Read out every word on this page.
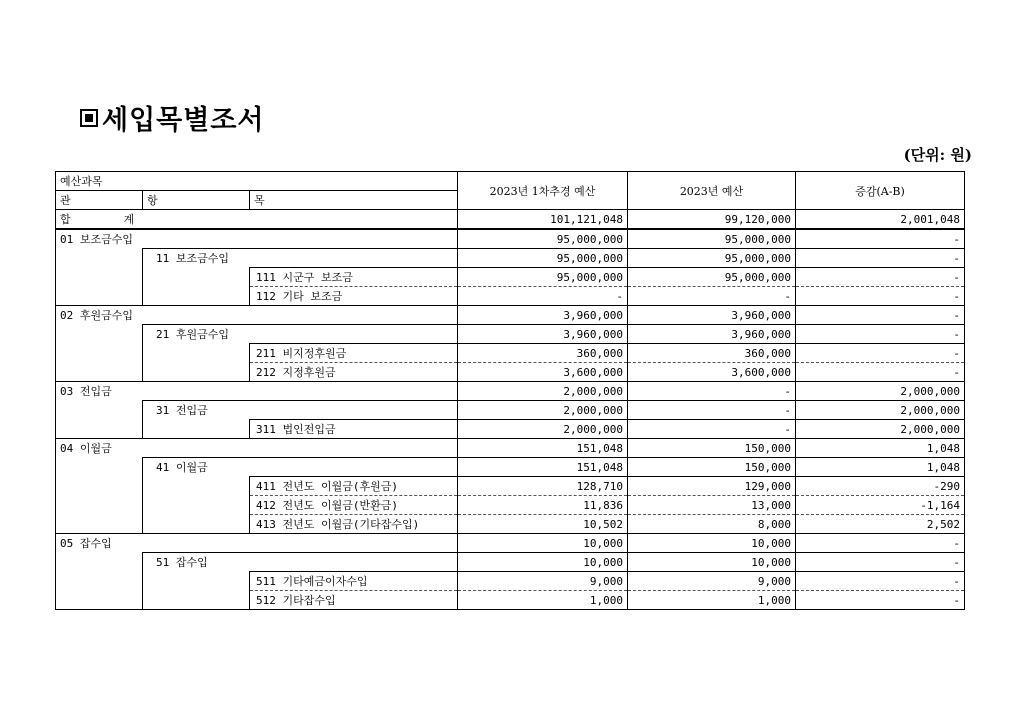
세입목별조서
(단위: 원)
예산과목			2023년 1차추경 예산	2023년 예산	증감(A-B)
관	항	목			
합        계			101,121,048	99,120,000	2,001,048
01 보조금수입			95,000,000	95,000,000	-
	11 보조금수입		95,000,000	95,000,000	-
		111 시군구 보조금	95,000,000	95,000,000	-
		112 기타 보조금	-	-	-
02 후원금수입			3,960,000	3,960,000	-
	21 후원금수입		3,960,000	3,960,000	-
		211 비지정후원금	360,000	360,000	-
		212 지정후원금	3,600,000	3,600,000	-
03 전입금			2,000,000	-	2,000,000
	31 전입금		2,000,000	-	2,000,000
		311 법인전입금	2,000,000	-	2,000,000
04 이월금			151,048	150,000	1,048
	41 이월금		151,048	150,000	1,048
		411 전년도 이월금(후원금)	128,710	129,000	-290
		412 전년도 이월금(반환금)	11,836	13,000	-1,164
		413 전년도 이월금(기타잡수입)	10,502	8,000	2,502
05 잡수입			10,000	10,000	-
	51 잡수입		10,000	10,000	-
		511 기타예금이자수입	9,000	9,000	-
		512 기타잡수입	1,000	1,000	-
